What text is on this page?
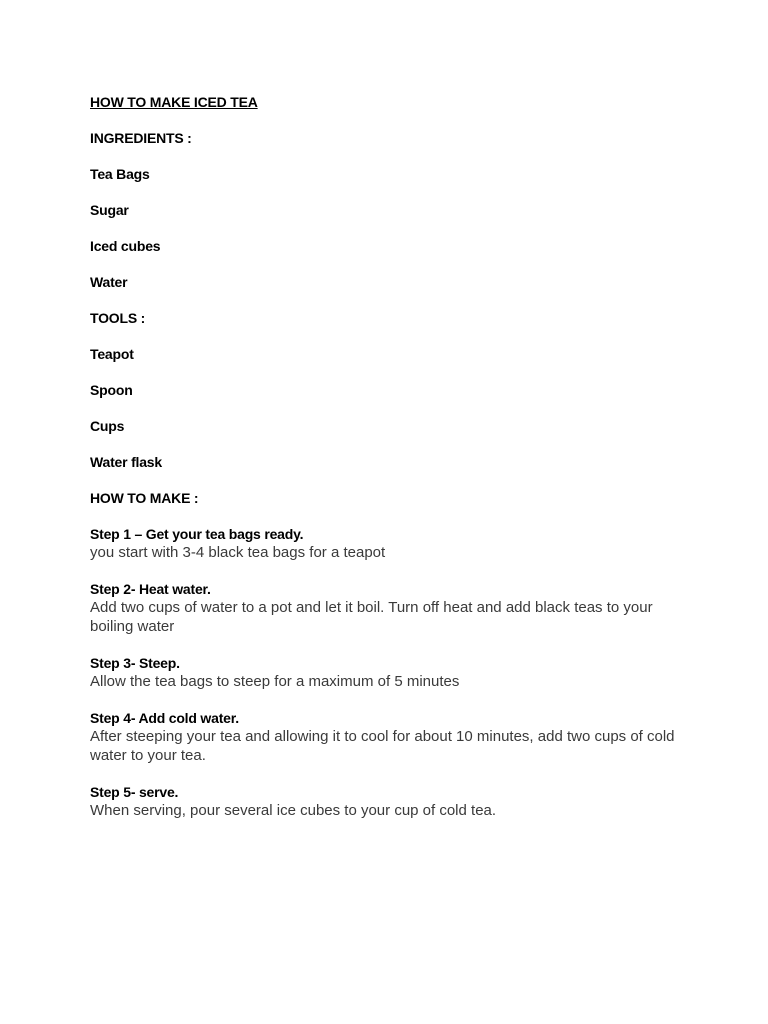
HOW TO MAKE ICED TEA

INGREDIENTS :

Tea Bags

Sugar

Iced cubes

Water

TOOLS :

Teapot

Spoon

Cups

Water flask

HOW TO MAKE :

Step 1 – Get your tea bags ready.

you start with 3-4 black tea bags for a teapot

Step 2- Heat water.

Add two cups of water to a pot and let it boil. Turn off heat and add black teas to your boiling water

Step 3- Steep.

Allow the tea bags to steep for a maximum of 5 minutes

Step 4- Add cold water.

After steeping your tea and allowing it to cool for about 10 minutes, add two cups of cold water to your tea.

Step 5- serve.

When serving, pour several ice cubes to your cup of cold tea.
